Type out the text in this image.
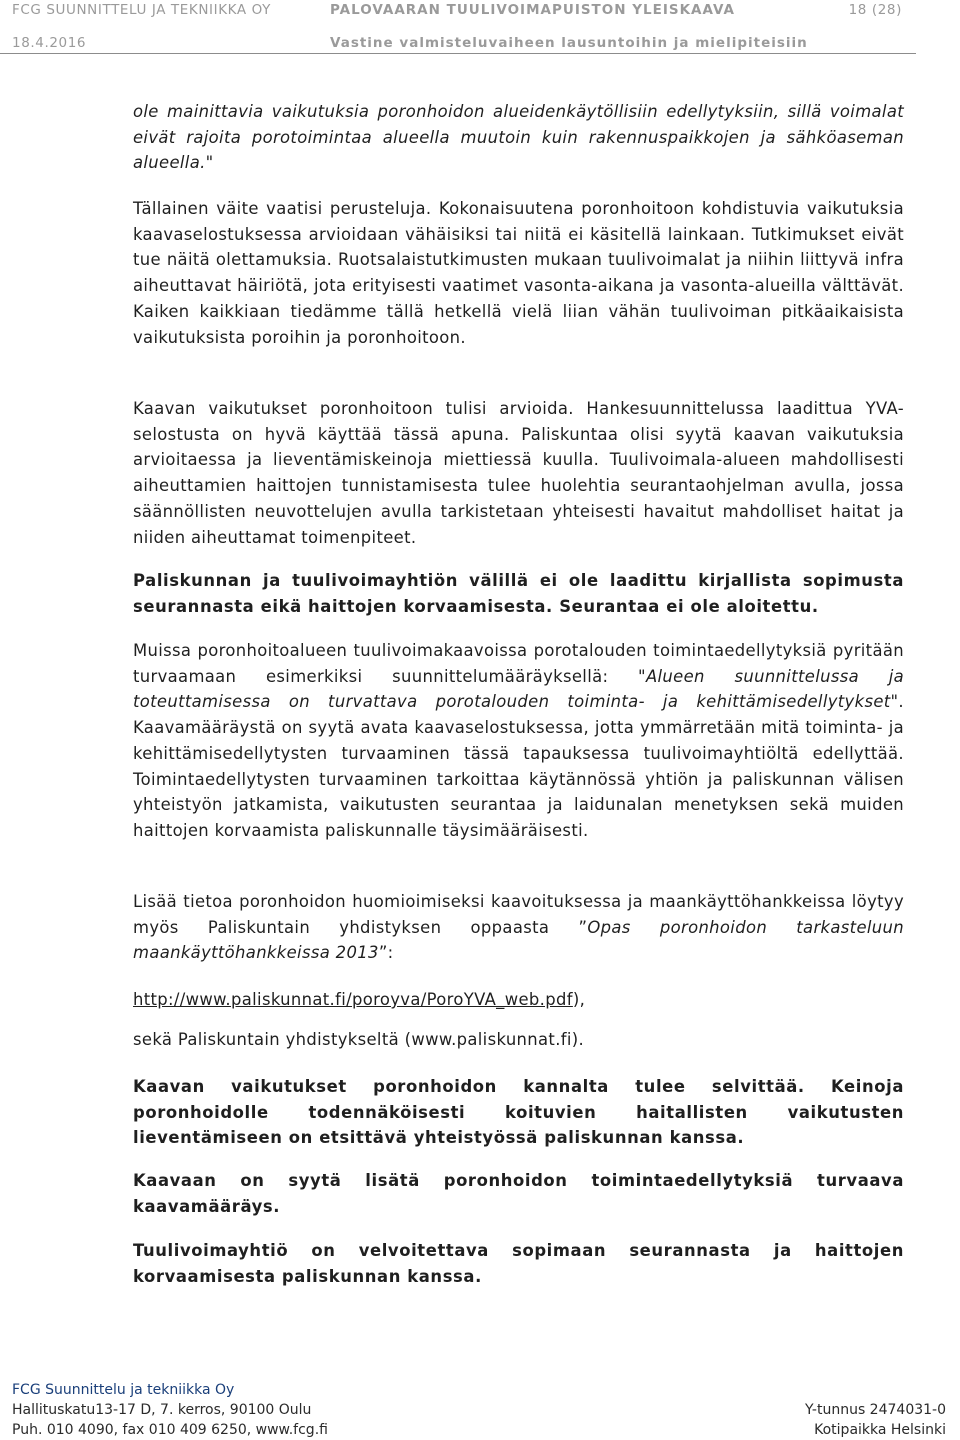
FCG SUUNNITTELU JA TEKNIIKKA OY	PALOVAARAN TUULIVOIMAPUISTON YLEISKAAVA	18 (28)
18.4.2016	Vastine valmisteluvaiheen lausuntoihin ja mielipiteisiin

ole mainittavia vaikutuksia poronhoidon alueidenkäytöllisiin edellytyksiin, sillä voimalat eivät rajoita porotoimintaa alueella muutoin kuin rakennuspaikkojen ja sähköaseman alueella."

Tällainen väite vaatisi perusteluja. Kokonaisuutena poronhoitoon kohdistuvia vaikutuksia kaavaselostuksessa arvioidaan vähäisiksi tai niitä ei käsitellä lainkaan. Tutkimukset eivät tue näitä olettamuksia. Ruotsalaistutkimusten mukaan tuulivoimalat ja niihin liittyvä infra aiheuttavat häiriötä, jota erityisesti vaatimet vasonta-aikana ja vasonta-alueilla välttävät. Kaiken kaikkiaan tiedämme tällä hetkellä vielä liian vähän tuulivoiman pitkäaikaisista vaikutuksista poroihin ja poronhoitoon.

Kaavan vaikutukset poronhoitoon tulisi arvioida. Hankesuunnittelussa laadittua YVA-selostusta on hyvä käyttää tässä apuna. Paliskuntaa olisi syytä kaavan vaikutuksia arvioitaessa ja lieventämiskeinoja miettiessä kuulla. Tuulivoimala-alueen mahdollisesti aiheuttamien haittojen tunnistamisesta tulee huolehtia seurantaohjelman avulla, jossa säännöllisten neuvottelujen avulla tarkistetaan yhteisesti havaitut mahdolliset haitat ja niiden aiheuttamat toimenpiteet.

Paliskunnan ja tuulivoimayhtiön välillä ei ole laadittu kirjallista sopimusta seurannasta eikä haittojen korvaamisesta. Seurantaa ei ole aloitettu.

Muissa poronhoitoalueen tuulivoimakaavoissa porotalouden toimintaedellytyksiä pyritään turvaamaan esimerkiksi suunnittelumääräyksellä: "Alueen suunnittelussa ja toteuttamisessa on turvattava porotalouden toiminta- ja kehittämisedellytykset". Kaavamääräystä on syytä avata kaavaselostuksessa, jotta ymmärretään mitä toiminta- ja kehittämisedellytysten turvaaminen tässä tapauksessa tuulivoimayhtiöltä edellyttää. Toimintaedellytysten turvaaminen tarkoittaa käytännössä yhtiön ja paliskunnan välisen yhteistyön jatkamista, vaikutusten seurantaa ja laidunalan menetyksen sekä muiden haittojen korvaamista paliskunnalle täysimääräisesti.

Lisää tietoa poronhoidon huomioimiseksi kaavoituksessa ja maankäyttöhankkeissa löytyy myös Paliskuntain yhdistyksen oppaasta ”Opas poronhoidon tarkasteluun maankäyttöhankkeissa 2013”:

http://www.paliskunnat.fi/poroyva/PoroYVA_web.pdf),

sekä Paliskuntain yhdistykseltä (www.paliskunnat.fi).

Kaavan vaikutukset poronhoidon kannalta tulee selvittää. Keinoja poronhoidolle todennäköisesti koituvien haitallisten vaikutusten lieventämiseen on etsittävä yhteistyössä paliskunnan kanssa.

Kaavaan on syytä lisätä poronhoidon toimintaedellytyksiä turvaava kaavamääräys.

Tuulivoimayhtiö on velvoitettava sopimaan seurannasta ja haittojen korvaamisesta paliskunnan kanssa.

FCG Suunnittelu ja tekniikka Oy
Hallituskatu13-17 D, 7. kerros, 90100 Oulu
Puh. 010 4090, fax 010 409 6250, www.fcg.fi
Y-tunnus 2474031-0
Kotipaikka Helsinki
